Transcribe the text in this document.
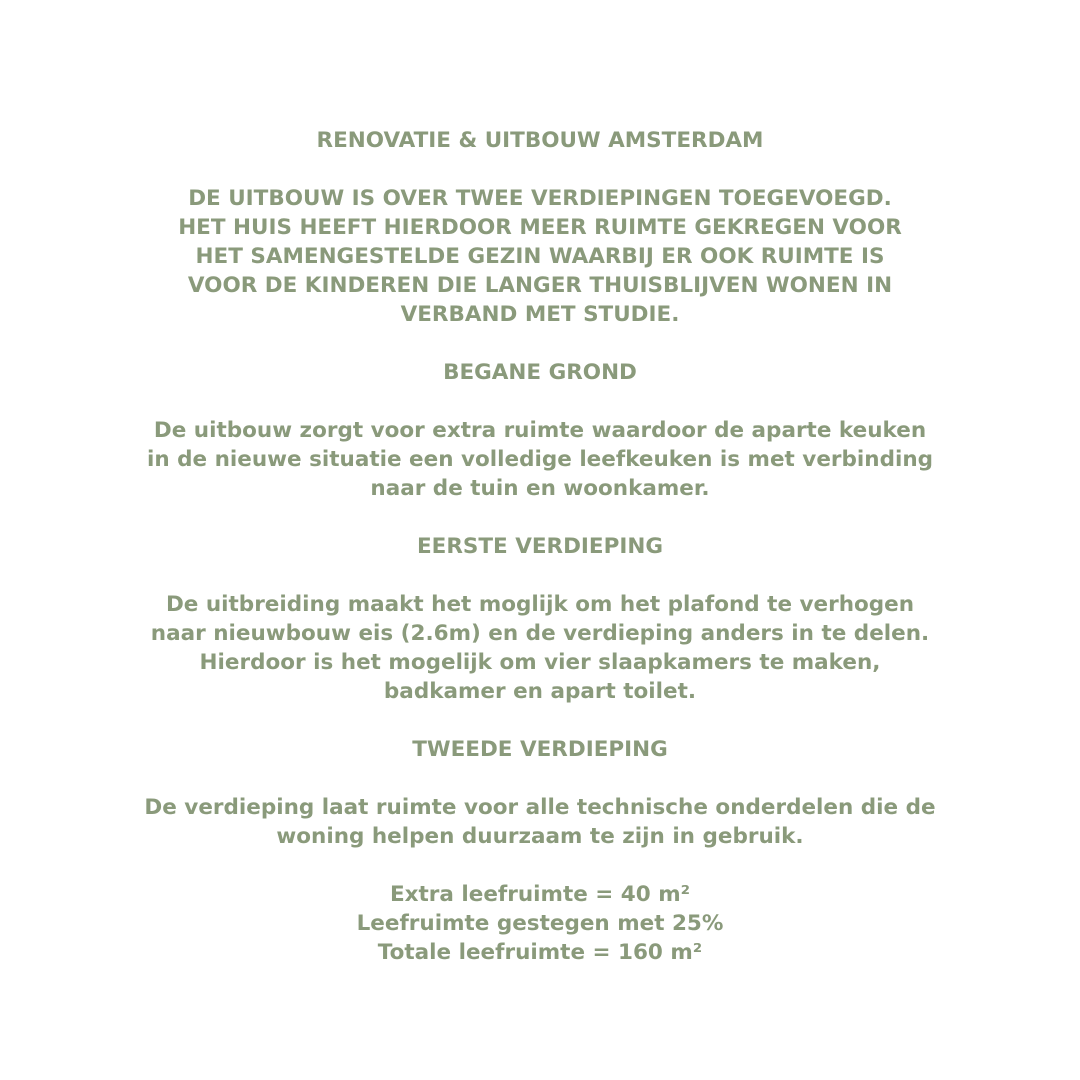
RENOVATIE & UITBOUW AMSTERDAM

DE UITBOUW IS OVER TWEE VERDIEPINGEN TOEGEVOEGD.
HET HUIS HEEFT HIERDOOR MEER RUIMTE GEKREGEN VOOR
HET SAMENGESTELDE GEZIN WAARBIJ ER OOK RUIMTE IS
VOOR DE KINDEREN DIE LANGER THUISBLIJVEN WONEN IN
VERBAND MET STUDIE.

BEGANE GROND

De uitbouw zorgt voor extra ruimte waardoor de aparte keuken
in de nieuwe situatie een volledige leefkeuken is met verbinding
naar de tuin en woonkamer.

EERSTE VERDIEPING

De uitbreiding maakt het moglijk om het plafond te verhogen
naar nieuwbouw eis (2.6m) en de verdieping anders in te delen.
Hierdoor is het mogelijk om vier slaapkamers te maken,
badkamer en apart toilet.

TWEEDE VERDIEPING

De verdieping laat ruimte voor alle technische onderdelen die de
woning helpen duurzaam te zijn in gebruik.

Extra leefruimte = 40 m²
Leefruimte gestegen met 25%
Totale leefruimte = 160 m²
